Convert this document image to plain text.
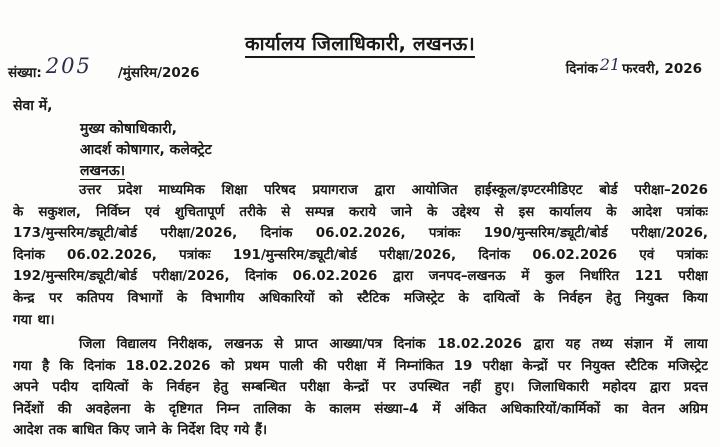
कार्यालय जिलाधिकारी, लखनऊ।
संख्या: 205 /मुंसरिम/2026	दिनांक 21 फरवरी, 2026
सेवा में,
मुख्य कोषाधिकारी,
आदर्श कोषागार, कलेक्ट्रेट
लखनऊ।
उत्तर प्रदेश माध्यमिक शिक्षा परिषद प्रयागराज द्वारा आयोजित हाईस्कूल/इण्टरमीडिएट बोर्ड परीक्षा–2026
के सकुशल, निर्विघ्न एवं शुचितापूर्ण तरीके से सम्पन्न कराये जाने के उद्देश्य से इस कार्यालय के आदेश पत्रांकः
173/मुन्सरिम/ड्यूटी/बोर्ड परीक्षा/2026, दिनांक 06.02.2026, पत्रांकः 190/मुन्सरिम/ड्यूटी/बोर्ड परीक्षा/2026,
दिनांक 06.02.2026, पत्रांकः 191/मुन्सरिम/ड्यूटी/बोर्ड परीक्षा/2026, दिनांक 06.02.2026 एवं पत्रांकः
192/मुन्सरिम/ड्यूटी/बोर्ड परीक्षा/2026, दिनांक 06.02.2026 द्वारा जनपद–लखनऊ में कुल निर्धारित 121 परीक्षा
केन्द्र पर कतिपय विभागों के विभागीय अधिकारियों को स्टैटिक मजिस्ट्रेट के दायित्वों के निर्वहन हेतु नियुक्त किया
गया था।
जिला विद्यालय निरीक्षक, लखनऊ से प्राप्त आख्या/पत्र दिनांक 18.02.2026 द्वारा यह तथ्य संज्ञान में लाया
गया है कि दिनांक 18.02.2026 को प्रथम पाली की परीक्षा में निम्नांकित 19 परीक्षा केन्द्रों पर नियुक्त स्टैटिक मजिस्ट्रेट
अपने पदीय दायित्वों के निर्वहन हेतु सम्बन्धित परीक्षा केन्द्रों पर उपस्थित नहीं हुए। जिलाधिकारी महोदय द्वारा प्रदत्त
निर्देशों की अवहेलना के दृष्टिगत निम्न तालिका के कालम संख्या–4 में अंकित अधिकारियों/कार्मिकों का वेतन अग्रिम
आदेश तक बाधित किए जाने के निर्देश दिए गये हैं।
